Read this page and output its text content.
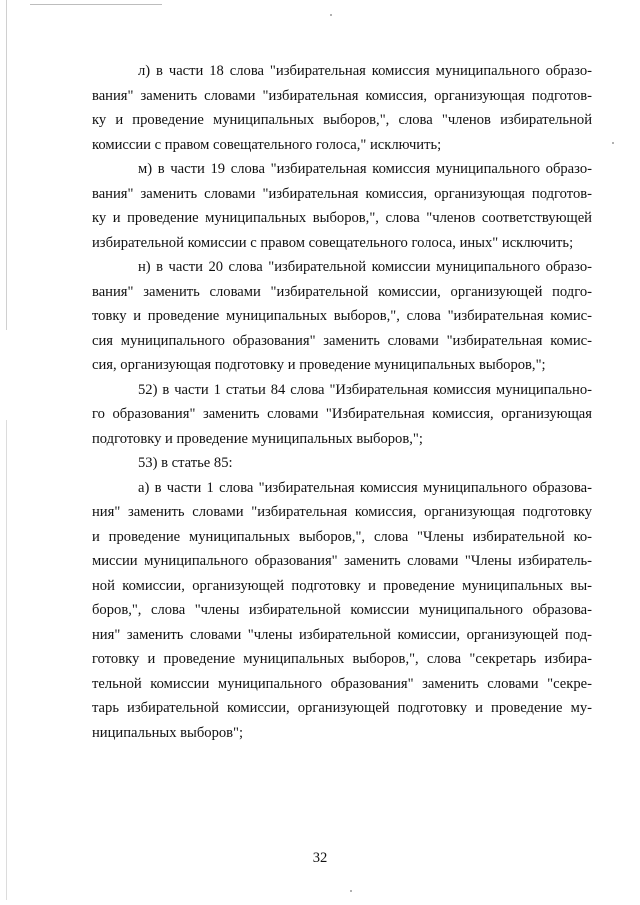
л) в части 18 слова "избирательная комиссия муниципального образо-
вания" заменить словами "избирательная комиссия, организующая подготов-
ку и проведение муниципальных выборов,", слова "членов избирательной
комиссии с правом совещательного голоса," исключить;
м) в части 19 слова "избирательная комиссия муниципального образо-
вания" заменить словами "избирательная комиссия, организующая подготов-
ку и проведение муниципальных выборов,", слова "членов соответствующей
избирательной комиссии с правом совещательного голоса, иных" исключить;
н) в части 20 слова "избирательной комиссии муниципального образо-
вания" заменить словами "избирательной комиссии, организующей подго-
товку и проведение муниципальных выборов,", слова "избирательная комис-
сия муниципального образования" заменить словами "избирательная комис-
сия, организующая подготовку и проведение муниципальных выборов,";
52) в части 1 статьи 84 слова "Избирательная комиссия муниципально-
го образования" заменить словами "Избирательная комиссия, организующая
подготовку и проведение муниципальных выборов,";
53) в статье 85:
а) в части 1 слова "избирательная комиссия муниципального образова-
ния" заменить словами "избирательная комиссия, организующая подготовку
и проведение муниципальных выборов,", слова "Члены избирательной ко-
миссии муниципального образования" заменить словами "Члены избиратель-
ной комиссии, организующей подготовку и проведение муниципальных вы-
боров,", слова "члены избирательной комиссии муниципального образова-
ния" заменить словами "члены избирательной комиссии, организующей под-
готовку и проведение муниципальных выборов,", слова "секретарь избира-
тельной комиссии муниципального образования" заменить словами "секре-
тарь избирательной комиссии, организующей подготовку и проведение му-
ниципальных выборов";
32
